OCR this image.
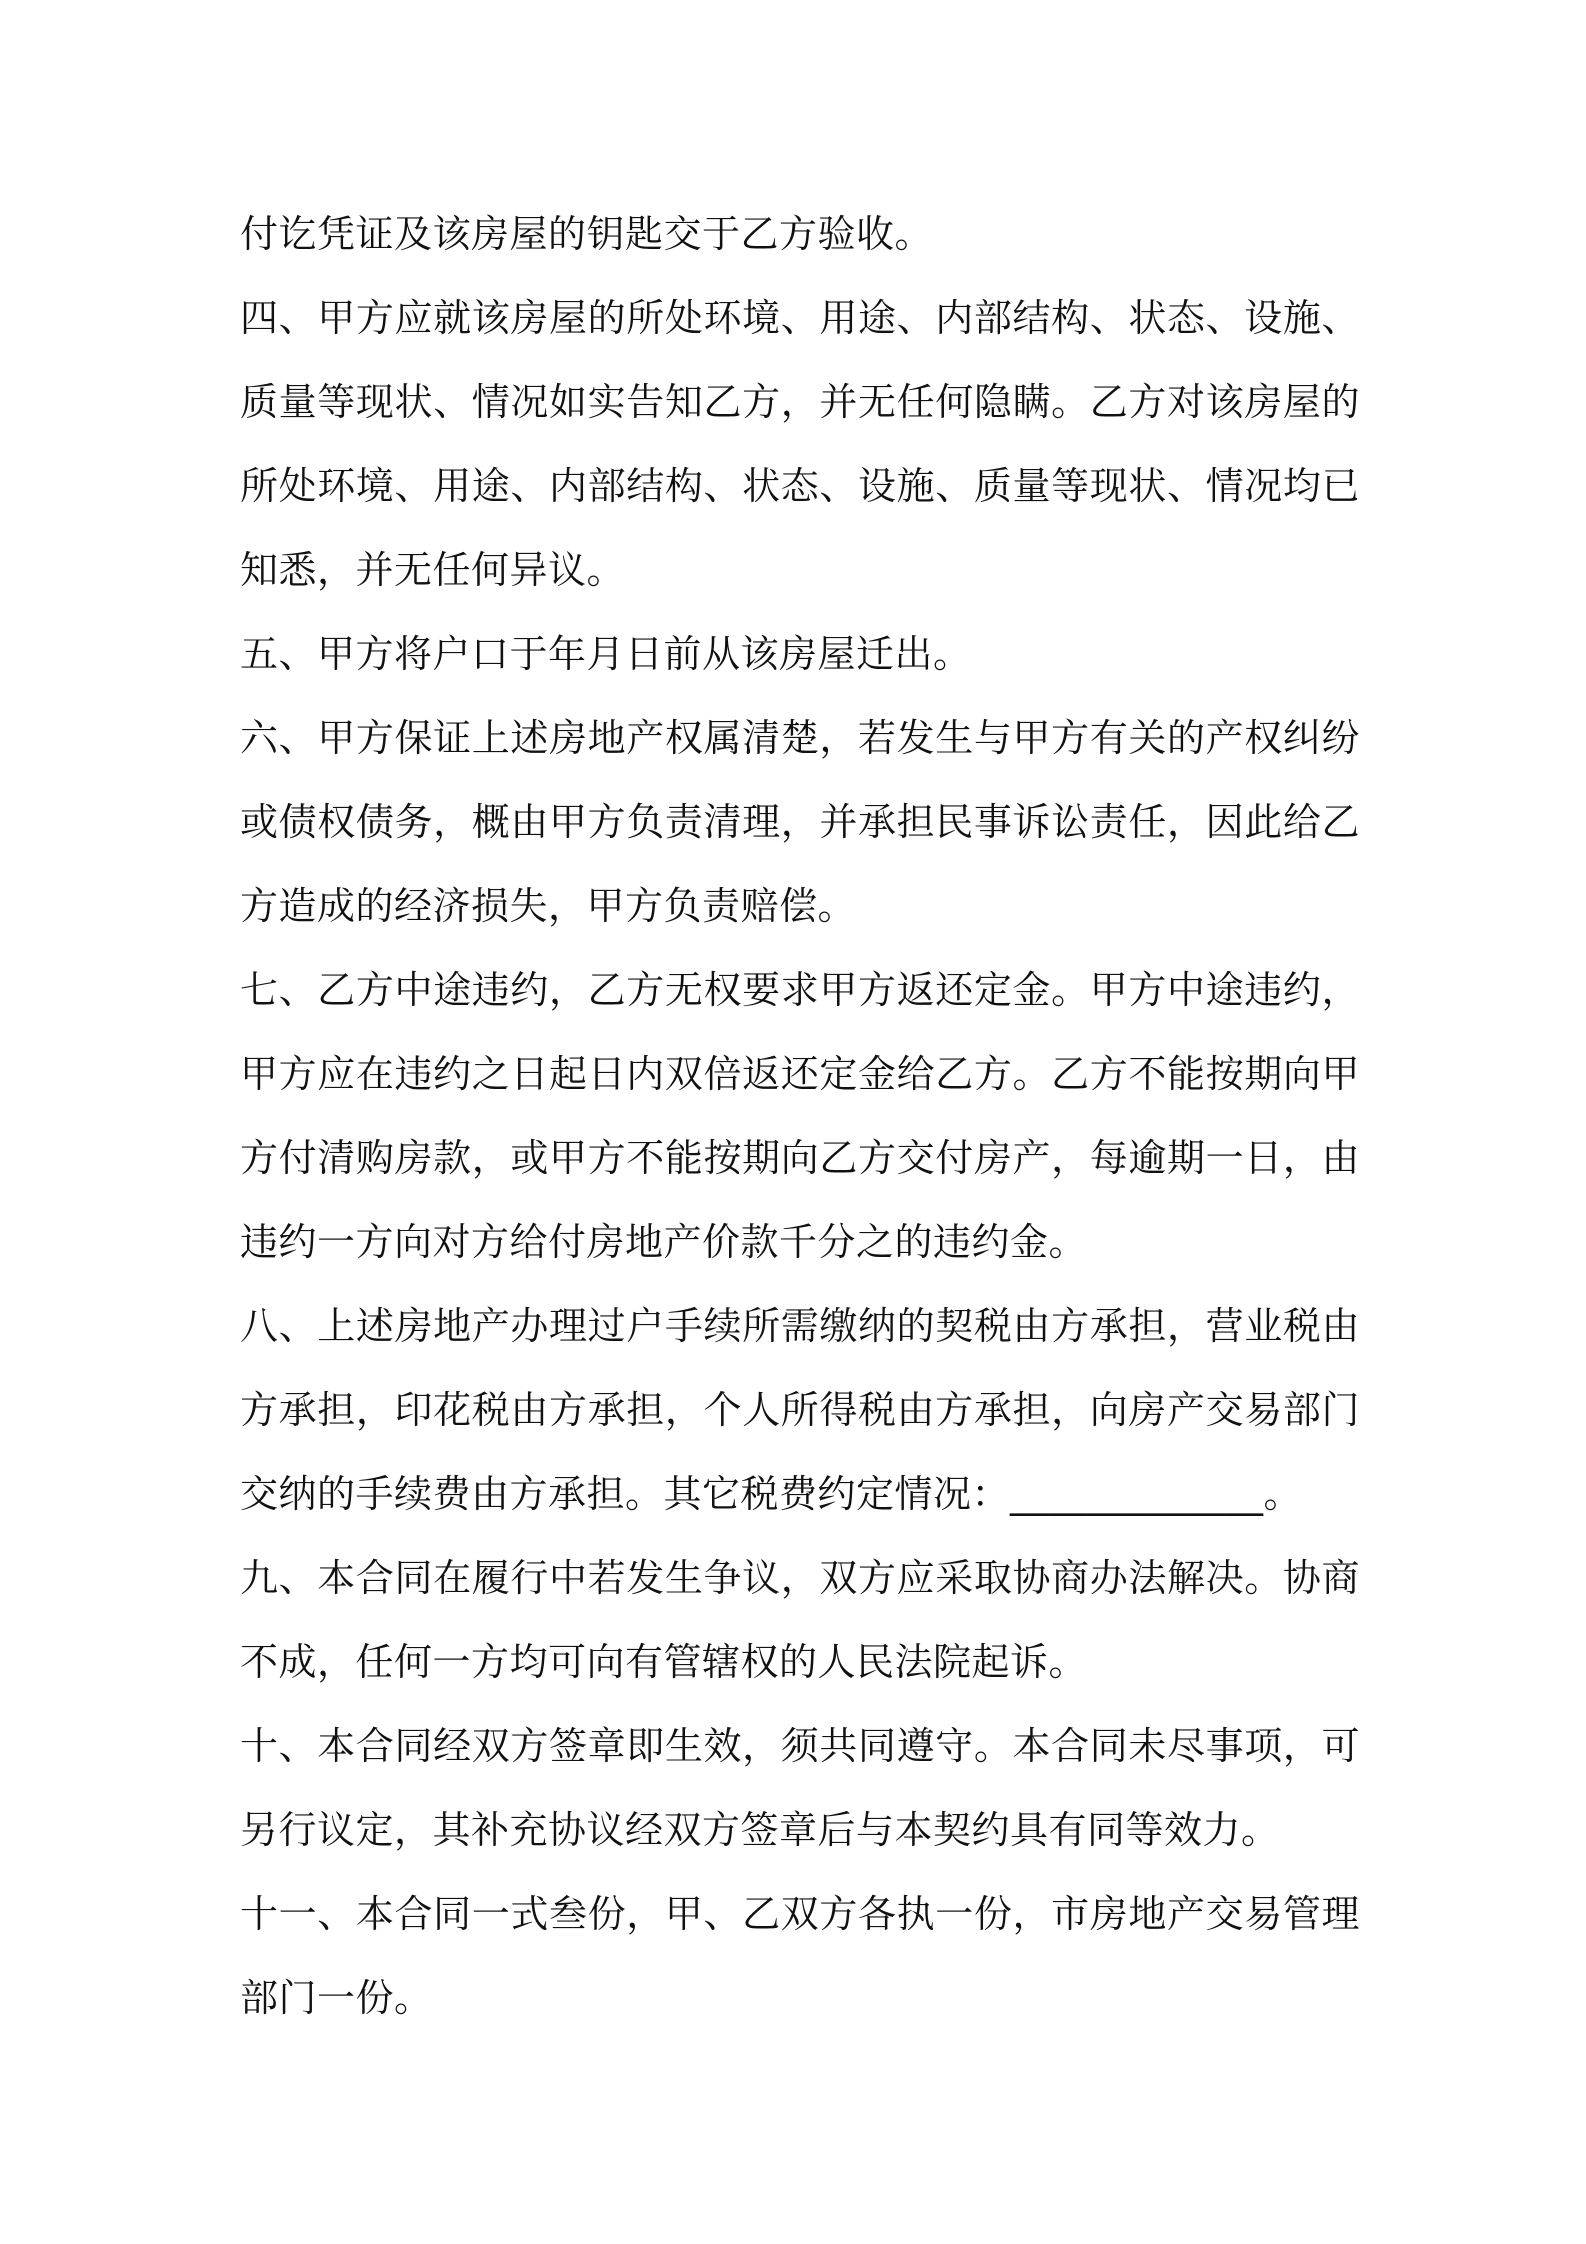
付讫凭证及该房屋的钥匙交于乙方验收。

四、甲方应就该房屋的所处环境、用途、内部结构、状态、设施、质量等现状、情况如实告知乙方，并无任何隐瞒。乙方对该房屋的所处环境、用途、内部结构、状态、设施、质量等现状、情况均已知悉，并无任何异议。

五、甲方将户口于年月日前从该房屋迁出。

六、甲方保证上述房地产权属清楚，若发生与甲方有关的产权纠纷或债权债务，概由甲方负责清理，并承担民事诉讼责任，因此给乙方造成的经济损失，甲方负责赔偿。

七、乙方中途违约，乙方无权要求甲方返还定金。甲方中途违约，甲方应在违约之日起日内双倍返还定金给乙方。乙方不能按期向甲方付清购房款，或甲方不能按期向乙方交付房产，每逾期一日，由违约一方向对方给付房地产价款千分之的违约金。

八、上述房地产办理过户手续所需缴纳的契税由方承担，营业税由方承担，印花税由方承担，个人所得税由方承担，向房产交易部门交纳的手续费由方承担。其它税费约定情况：_____________。

九、本合同在履行中若发生争议，双方应采取协商办法解决。协商不成，任何一方均可向有管辖权的人民法院起诉。

十、本合同经双方签章即生效，须共同遵守。本合同未尽事项，可另行议定，其补充协议经双方签章后与本契约具有同等效力。

十一、本合同一式叁份，甲、乙双方各执一份，市房地产交易管理部门一份。
